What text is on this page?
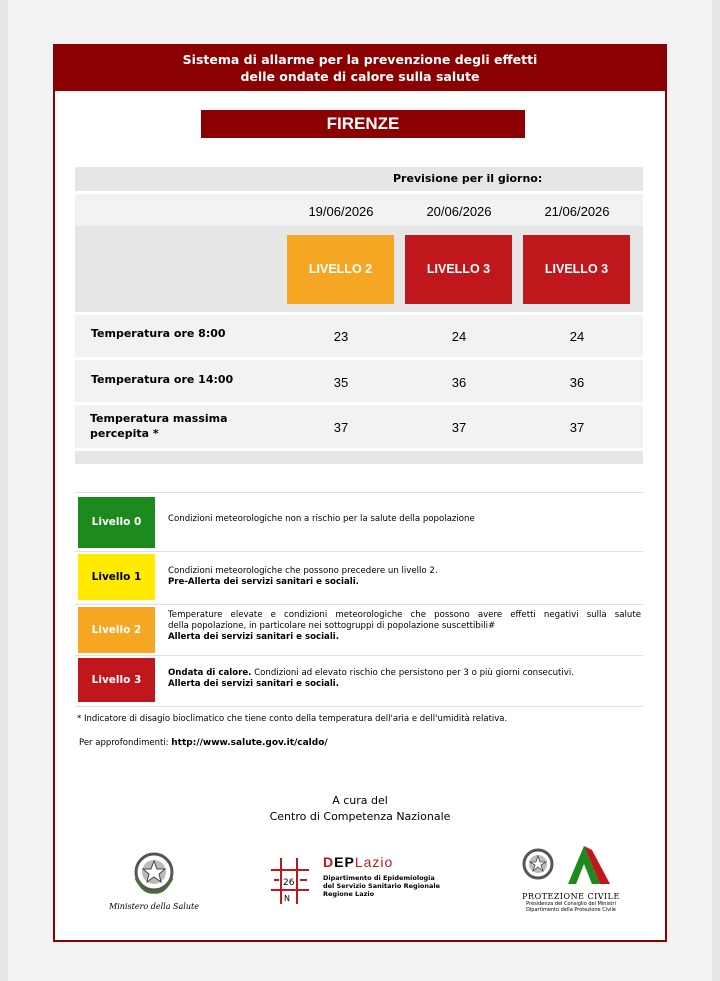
Sistema di allarme per la prevenzione degli effetti
delle ondate di calore sulla salute
FIRENZE
Previsione per il giorno:
19/06/2026	20/06/2026	21/06/2026
LIVELLO 2	LIVELLO 3	LIVELLO 3
Temperatura ore 8:00	23	24	24
Temperatura ore 14:00	35	36	36
Temperatura massima
percepita *	37	37	37
Livello 0	Condizioni meteorologiche non a rischio per la salute della popolazione
Livello 1	Condizioni meteorologiche che possono precedere un livello 2.
Pre-Allerta dei servizi sanitari e sociali.
Livello 2
Temperature elevate e condizioni meteorologiche che possono avere effetti negativi sulla salute
della popolazione, in particolare nei sottogruppi di popolazione suscettibili#
Allerta dei servizi sanitari e sociali.
Livello 3
Ondata di calore. Condizioni ad elevato rischio che persistono per 3 o più giorni consecutivi.
Allerta dei servizi sanitari e sociali.
* Indicatore di disagio bioclimatico che tiene conto della temperatura dell'aria e dell'umidità relativa.
Per approfondimenti: http://www.salute.gov.it/caldo/
A cura del
Centro di Competenza Nazionale
Ministero della Salute
26
N
DEPLazio
Dipartimento di Epidemiologia
del Servizio Sanitario Regionale
Regione Lazio	PROTEZIONE CIVILE
Presidenza del Consiglio dei Ministri
Dipartimento della Protezione Civile
